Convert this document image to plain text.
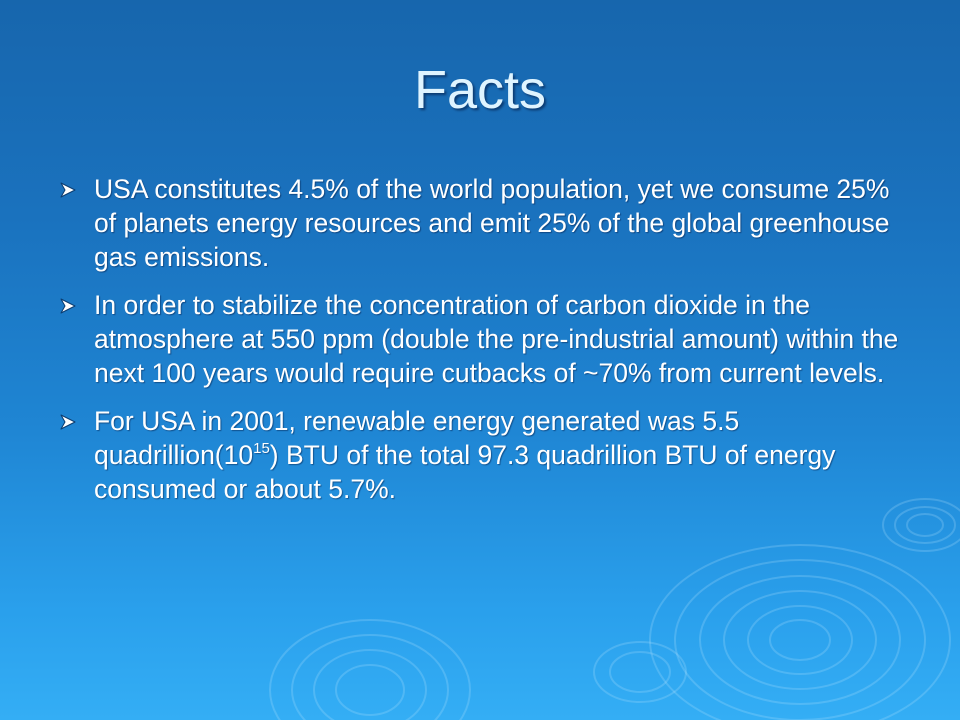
Facts
USA constitutes 4.5% of the world population, yet we consume 25% of planets energy resources and emit 25% of the global greenhouse gas emissions.
In order to stabilize the concentration of carbon dioxide in the atmosphere at 550 ppm (double the pre-industrial amount) within the next 100 years would require cutbacks of ~70% from current levels.
For USA in 2001, renewable energy generated was 5.5 $quadrillion(10^{15})$ BTU of the total 97.3 quadrillion BTU of energy consumed or about 5.7%.
